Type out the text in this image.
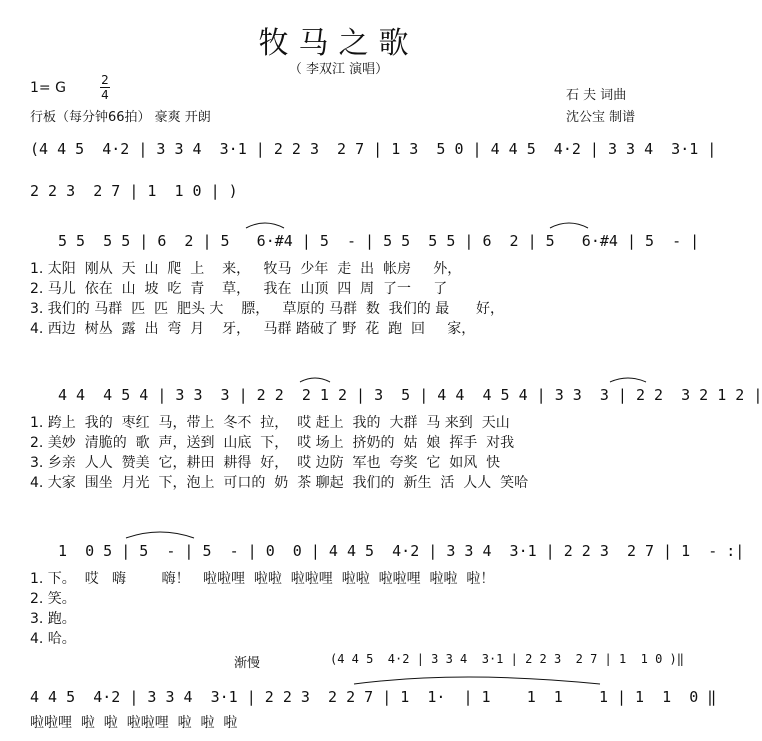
牧马之歌
（ 李双江 演唱）
1= G	2
4
行板（每分钟66拍） 豪爽 开朗
石 夫 词曲
沈公宝 制谱
(4 4 5  4·2 | 3 3 4  3·1 | 2 2 3  2 7 | 1 3  5 0 | 4 4 5  4·2 | 3 3 4  3·1 |
2 2 3  2 7 | 1  1 0 | )
5 5  5 5 | 6  2 | 5   6·#4 | 5  - | 5 5  5 5 | 6  2 | 5   6·#4 | 5  - |
1. 太阳  刚从  天  山  爬  上    来，   牧马  少年  走  出  帐房     外，
2. 马儿  依在  山  坡  吃  青    草，   我在  山顶  四  周  了一     了
3. 我们的 马群  匹  匹  肥头 大    膘，   草原的 马群  数  我们的 最      好，
4. 西边  树丛  露  出  弯  月    牙，   马群 踏破了 野  花  跑  回     家，
4 4  4 5 4 | 3 3  3 | 2 2  2 1 2 | 3  5 | 4 4  4 5 4 | 3 3  3 | 2 2  3 2 1 2 |
1. 跨上  我的  枣红  马，带上  冬不  拉，  哎 赶上  我的  大群  马 来到  天山
2. 美妙  清脆的  歌  声，送到  山底  下，  哎 场上  挤奶的  姑  娘  挥手  对我
3. 乡亲  人人  赞美  它，耕田  耕得  好，  哎 边防  军也  夸奖  它  如风  快
4. 大家  围坐  月光  下，泡上  可口的  奶  茶 聊起  我们的  新生  活  人人  笑哈
1  0 5 | 5  - | 5  - | 0  0 | 4 4 5  4·2 | 3 3 4  3·1 | 2 2 3  2 7 | 1  - :|
1. 下。  哎   嗨        嗨！   啦啦哩  啦啦  啦啦哩  啦啦  啦啦哩  啦啦  啦！
2. 笑。
3. 跑。
4. 哈。
渐慢	(4 4 5  4·2 | 3 3 4  3·1 | 2 2 3  2 7 | 1  1 0 )‖
4 4 5  4·2 | 3 3 4  3·1 | 2 2 3  2 2 7 | 1  1·  | 1    1  1    1 | 1  1  0 ‖
啦啦哩  啦  啦  啦啦哩  啦  啦  啦
